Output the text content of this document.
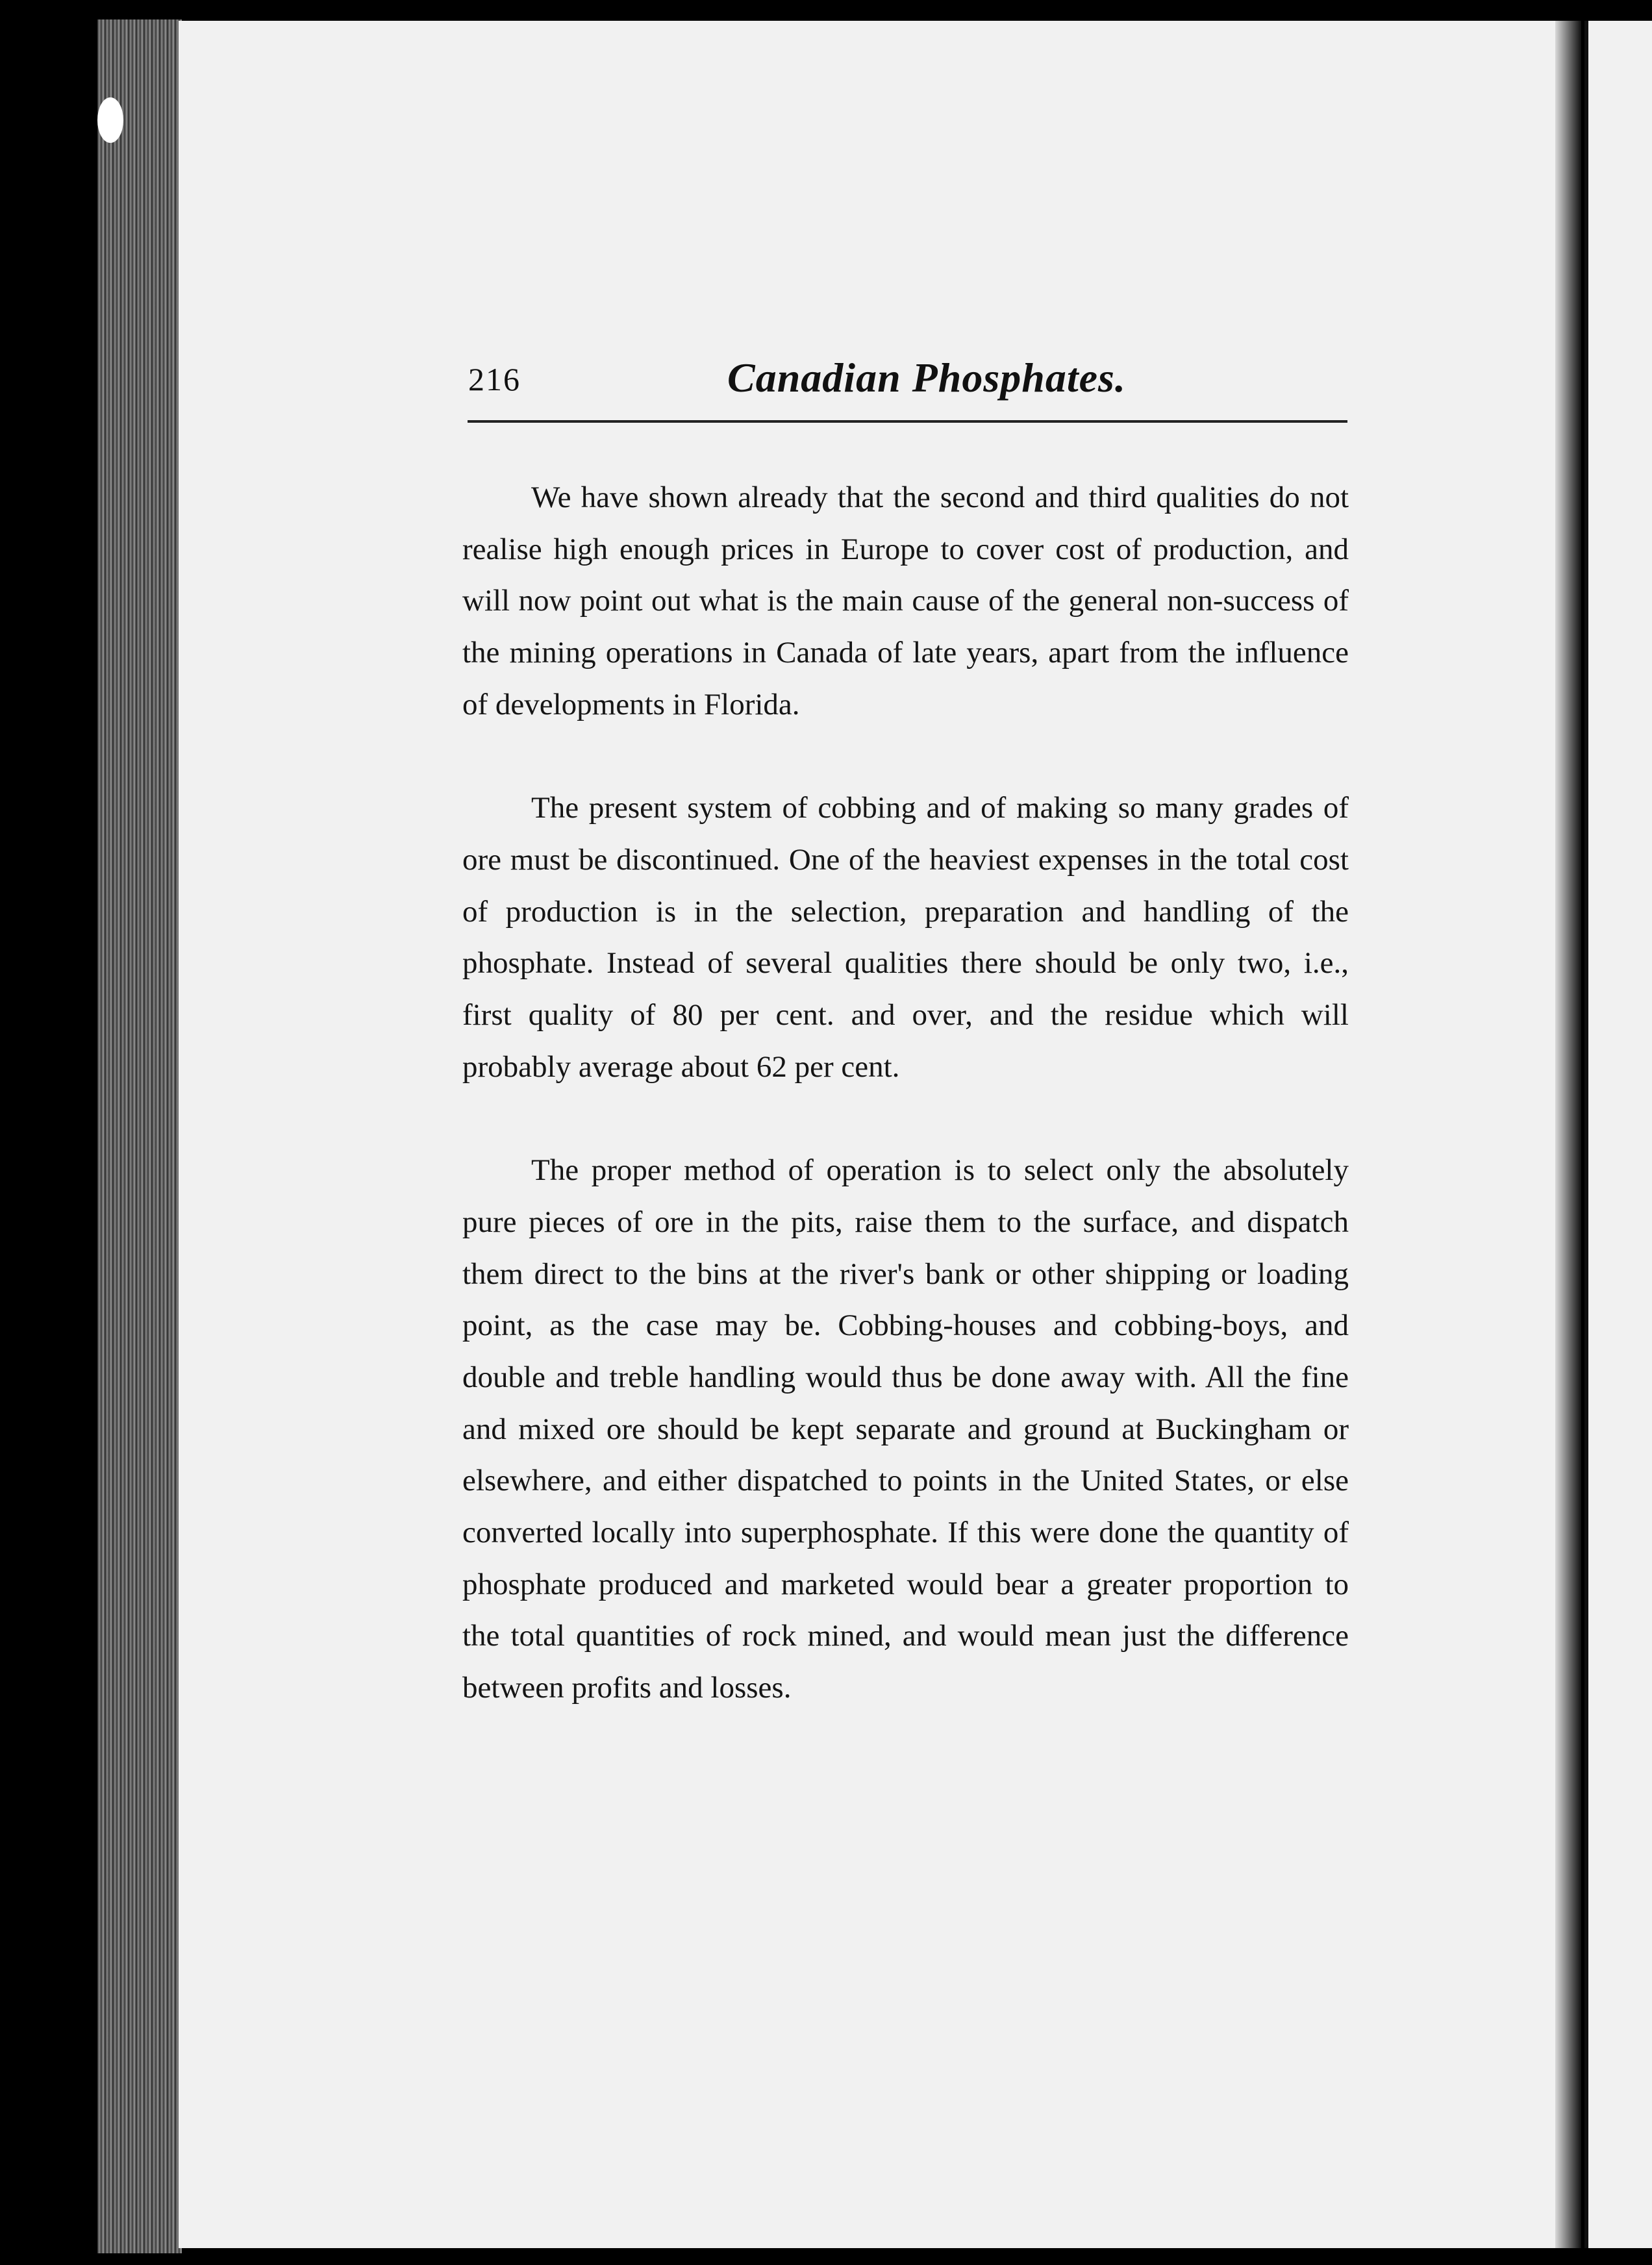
216	Canadian Phosphates.

We have shown already that the second and third qualities do not realise high enough prices in Europe to cover cost of production, and will now point out what is the main cause of the general non-success of the mining operations in Canada of late years, apart from the influence of developments in Florida.

The present system of cobbing and of making so many grades of ore must be discontinued. One of the heaviest expenses in the total cost of production is in the selection, preparation and handling of the phosphate. Instead of several qualities there should be only two, i.e., first quality of 80 per cent. and over, and the residue which will probably average about 62 per cent.

The proper method of operation is to select only the absolutely pure pieces of ore in the pits, raise them to the surface, and dispatch them direct to the bins at the river's bank or other shipping or loading point, as the case may be. Cobbing-houses and cobbing-boys, and double and treble handling would thus be done away with. All the fine and mixed ore should be kept separate and ground at Buckingham or elsewhere, and either dispatched to points in the United States, or else converted locally into superphosphate. If this were done the quantity of phosphate produced and marketed would bear a greater proportion to the total quantities of rock mined, and would mean just the difference between profits and losses.
